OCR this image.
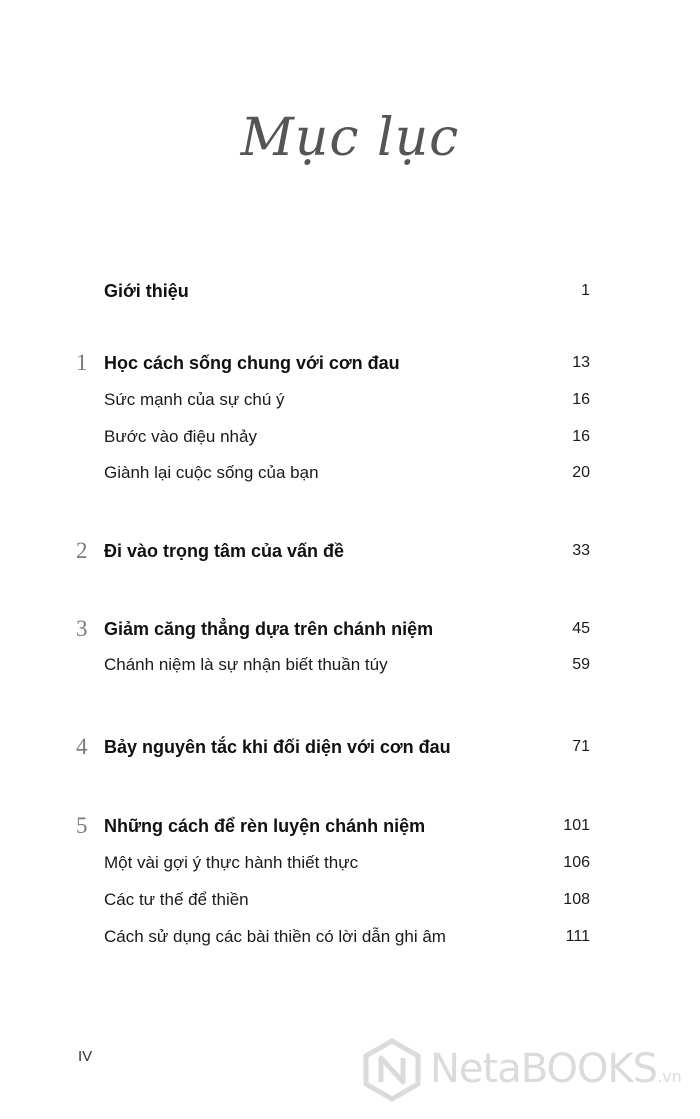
Mục lục
Giới thiệu	1
1 Học cách sống chung với cơn đau	13
Sức mạnh của sự chú ý	16
Bước vào điệu nhảy	16
Giành lại cuộc sống của bạn	20
2 Đi vào trọng tâm của vấn đề	33
3 Giảm căng thẳng dựa trên chánh niệm	45
Chánh niệm là sự nhận biết thuần túy	59
4 Bảy nguyên tắc khi đối diện với cơn đau	71
5 Những cách để rèn luyện chánh niệm	101
Một vài gợi ý thực hành thiết thực	106
Các tư thế để thiền	108
Cách sử dụng các bài thiền có lời dẫn ghi âm	111
IV	NetaBOOKS.vn
